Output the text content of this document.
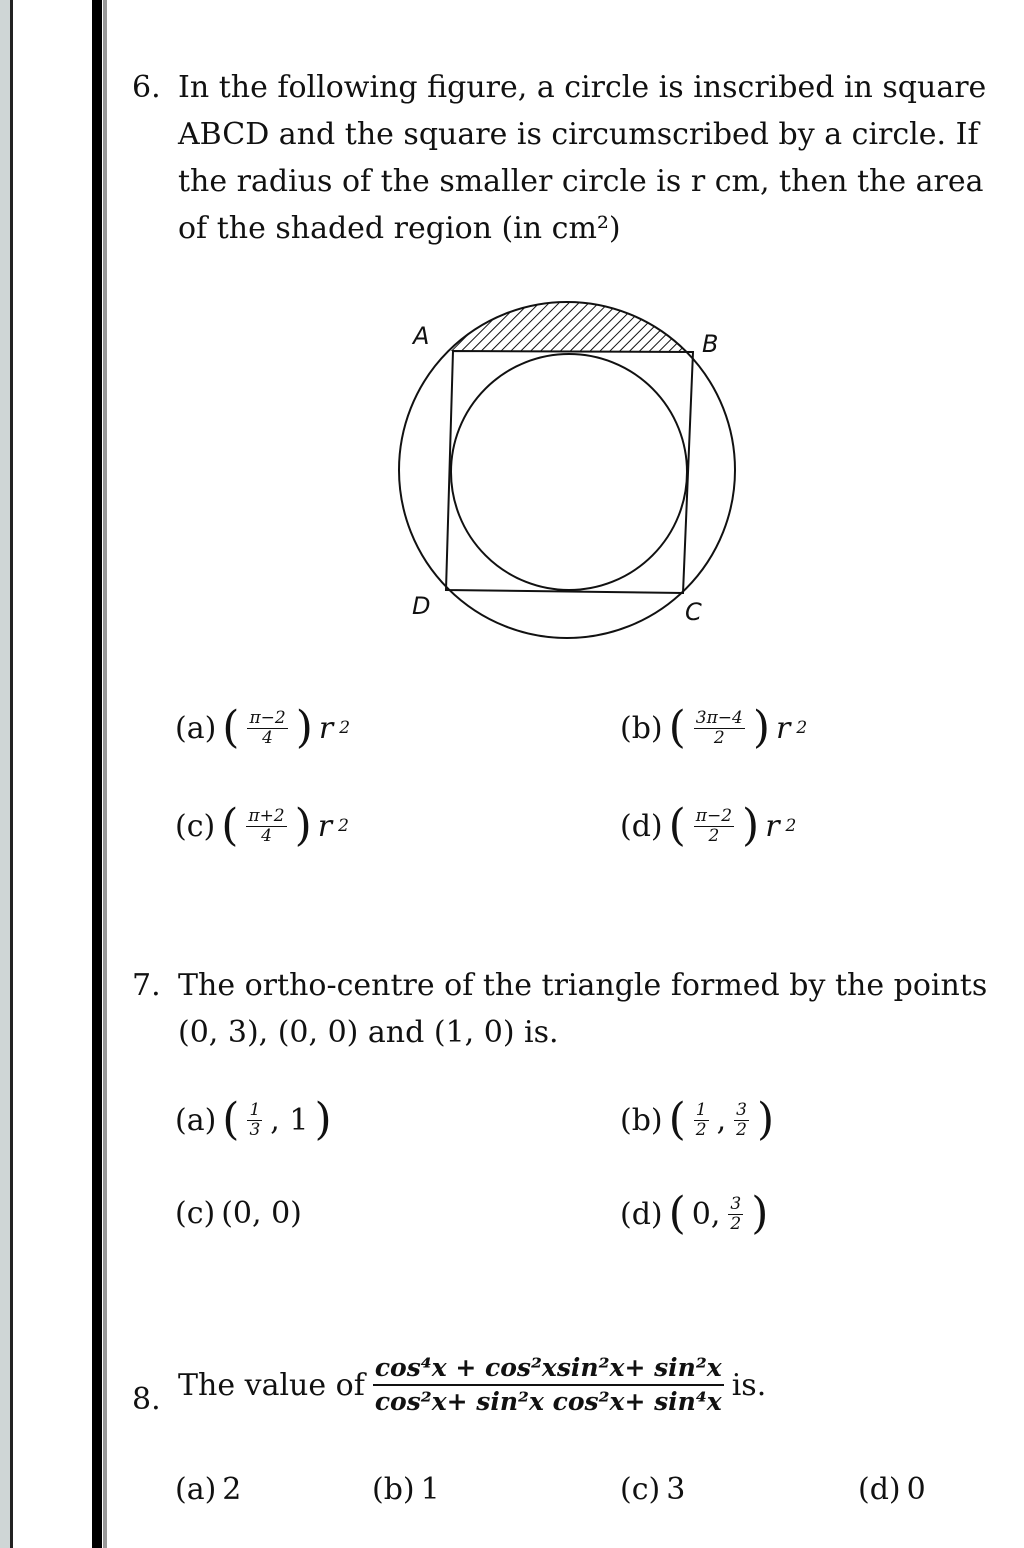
6. In the following figure, a circle is inscribed in square ABCD and the square is circumscribed by a circle. If the radius of the smaller circle is r cm, then the area of the shaded region (in cm²)
A	B
C
D
(a) ( $\frac{\pi-2}{4}$ ) r 2	(b) ( $\frac{3\pi-4}{2}$ ) r 2
(c) ( $\frac{\pi+2}{4}$ ) r 2	(d) ( $\frac{\pi-2}{2}$ ) r 2
7. The ortho-centre of the triangle formed by the points (0, 3), (0, 0) and (1, 0) is.
(a) ( $\frac{1}{3}$ , 1 )	(b) ( $\frac{1}{2}$ , $\frac{3}{2}$ )
(c) (0, 0)	(d) ( 0, $\frac{3}{2}$ )
8. The value of cos⁴x + cos²xsin²x+ sin²x
cos²x+ sin²x cos²x+ sin⁴x is.
(a) 2	(b) 1	(c) 3	(d) 0
